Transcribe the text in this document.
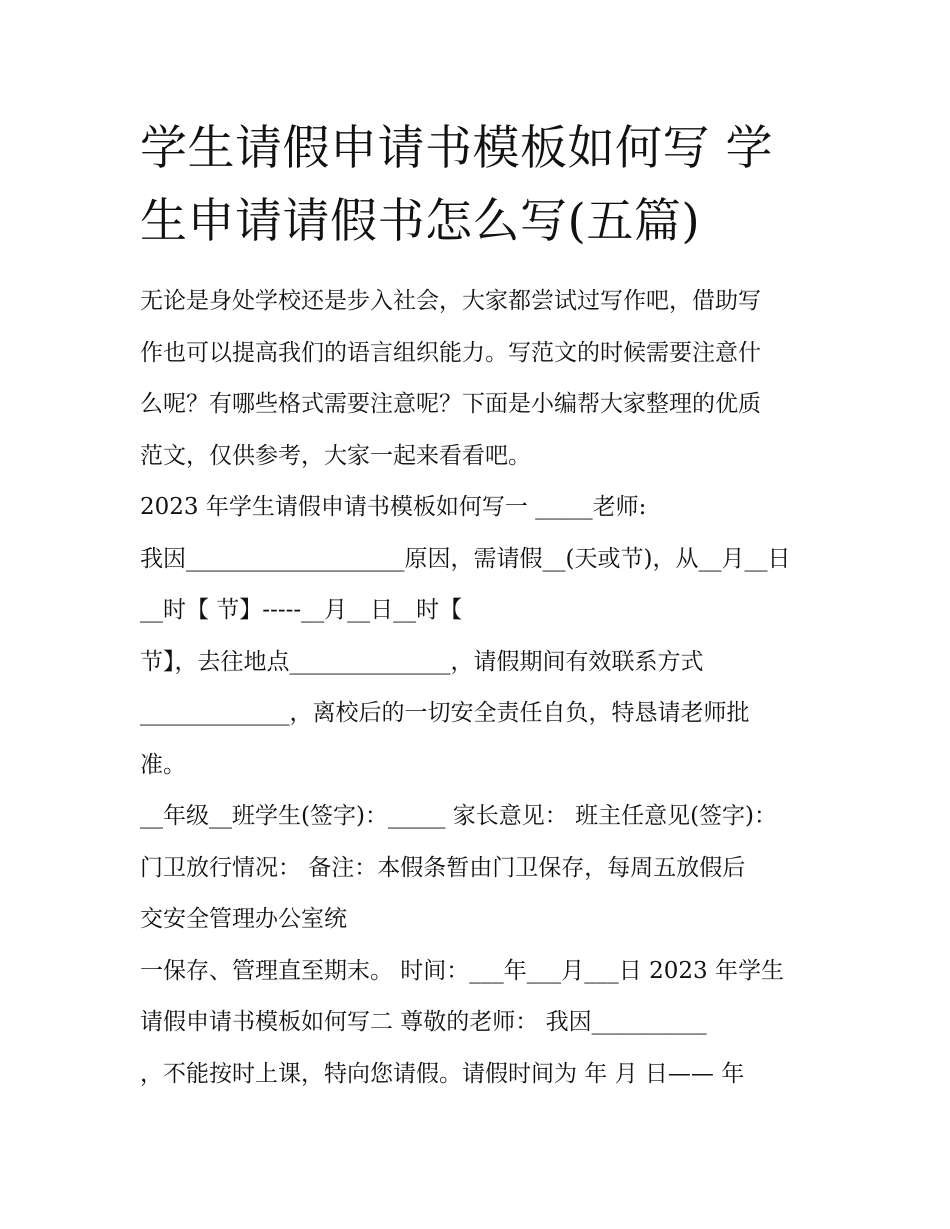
学生请假申请书模板如何写 学
生申请请假书怎么写(五篇)
无论是身处学校还是步入社会，大家都尝试过写作吧，借助写
作也可以提高我们的语言组织能力。写范文的时候需要注意什
么呢？有哪些格式需要注意呢？下面是小编帮大家整理的优质
范文，仅供参考，大家一起来看看吧。
2023 年学生请假申请书模板如何写一 _____老师:
我因___________________原因，需请假__(天或节)，从__月__日
__时【 节】-----__月__日__时【
节】，去往地点______________，请假期间有效联系方式
_____________，离校后的一切安全责任自负，特恳请老师批
准。
__年级__班学生(签字)：_____ 家长意见： 班主任意见(签字)：
门卫放行情况： 备注：本假条暂由门卫保存，每周五放假后
交安全管理办公室统
一保存、管理直至期末。 时间：___年___月___日 2023 年学生
请假申请书模板如何写二 尊敬的老师： 我因__________
，不能按时上课，特向您请假。请假时间为 年 月 日—— 年
